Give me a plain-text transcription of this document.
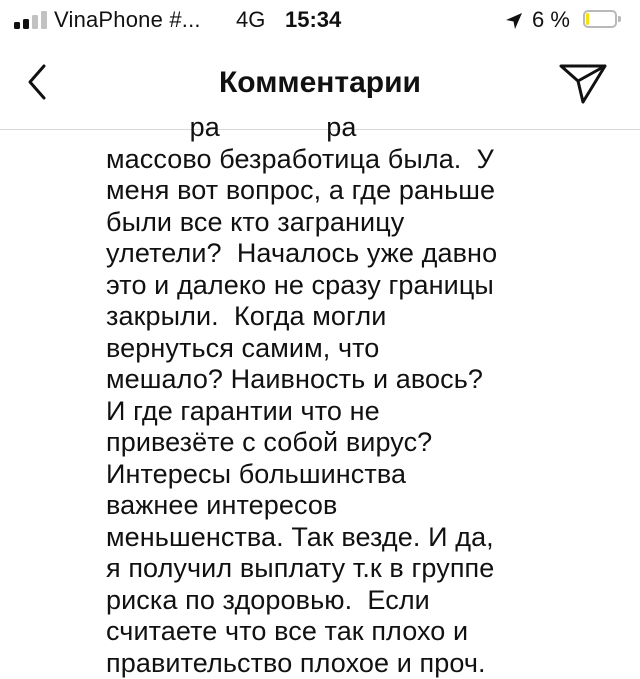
VinaPhone #... 4G 15:34	6 %
Комментарии
ра              ра
массово безработица была.  У
меня вот вопрос, а где раньше
были все кто заграницу
улетели?  Началось уже давно
это и далеко не сразу границы
закрыли.  Когда могли
вернуться самим, что
мешало? Наивность и авось?
И где гарантии что не
привезёте с собой вирус?
Интересы большинства
важнее интересов
меньшенства. Так везде. И да,
я получил выплату т.к в группе
риска по здоровью.  Если
считаете что все так плохо и
правительство плохое и проч.
